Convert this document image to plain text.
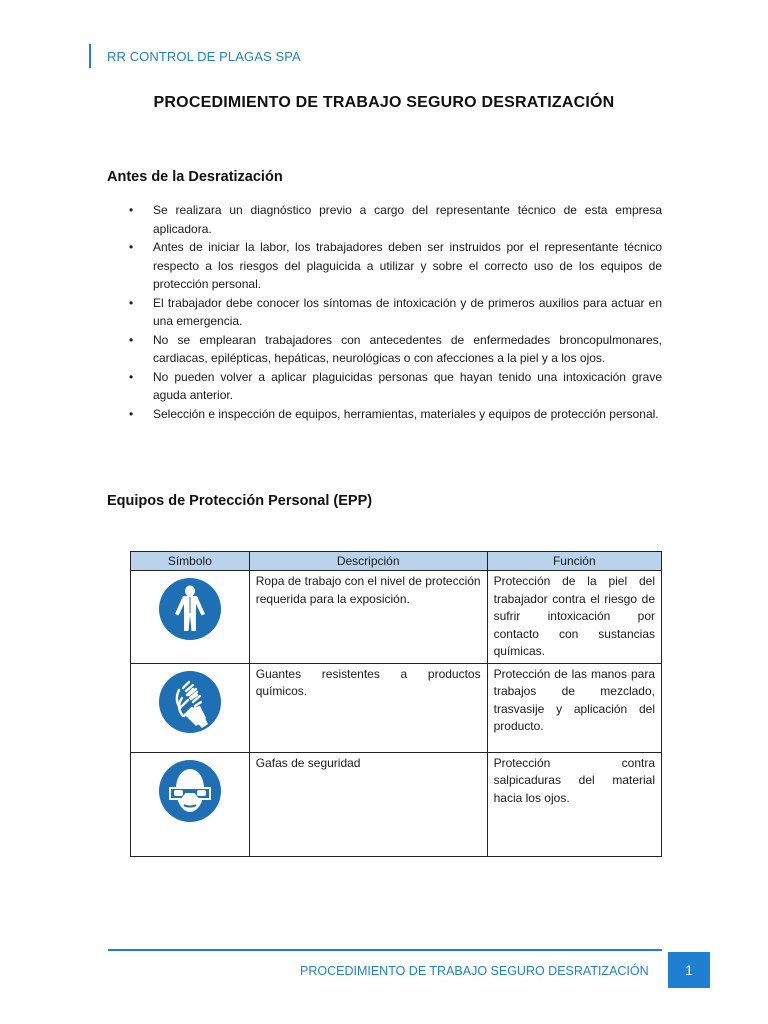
RR CONTROL DE PLAGAS SPA
PROCEDIMIENTO DE TRABAJO SEGURO DESRATIZACIÓN
Antes de la Desratización
• Se realizara un diagnóstico previo a cargo del representante técnico de esta empresa aplicadora.
• Antes de iniciar la labor, los trabajadores deben ser instruidos por el representante técnico respecto a los riesgos del plaguicida a utilizar y sobre el correcto uso de los equipos de protección personal.
• El trabajador debe conocer los síntomas de intoxicación y de primeros auxilios para actuar en una emergencia.
• No se emplearan trabajadores con antecedentes de enfermedades broncopulmonares, cardiacas, epilépticas, hepáticas, neurológicas o con afecciones a la piel y a los ojos.
• No pueden volver a aplicar plaguicidas personas que hayan tenido una intoxicación grave aguda anterior.
• Selección e inspección de equipos, herramientas, materiales y equipos de protección personal.
Equipos de Protección Personal (EPP)
Símbolo	Descripción	Función

	Ropa de trabajo con el nivel de protección requerida para la exposición.	Protección de la piel del trabajador contra el riesgo de sufrir intoxicación por contacto con sustancias químicas.

	Guantes resistentes a productos químicos.	Protección de las manos para trabajos de mezclado, trasvasije y aplicación del producto.

	Gafas de seguridad	Protección contra salpicaduras del material hacia los ojos.
PROCEDIMIENTO DE TRABAJO SEGURO DESRATIZACIÓN	1
